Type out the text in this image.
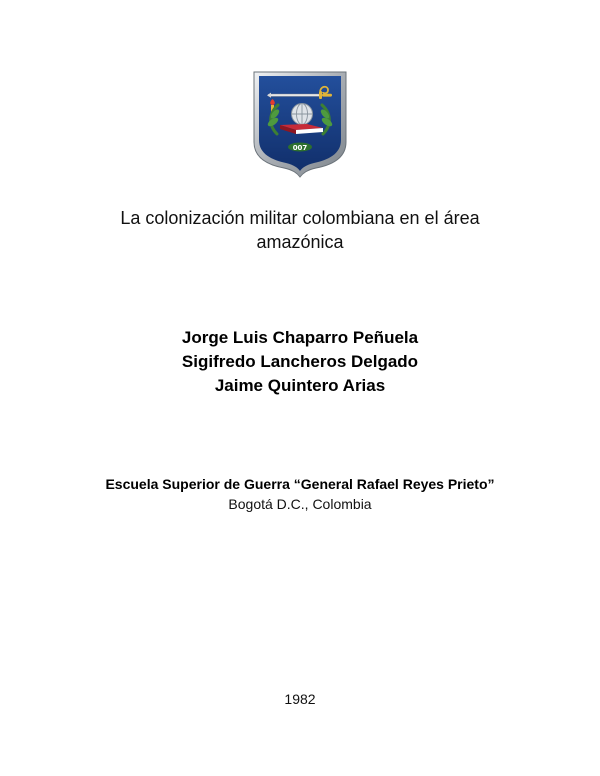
007
La colonización militar colombiana en el área amazónica
Jorge Luis Chaparro Peñuela
Sigifredo Lancheros Delgado
Jaime Quintero Arias
Escuela Superior de Guerra “General Rafael Reyes Prieto”
Bogotá D.C., Colombia
1982
